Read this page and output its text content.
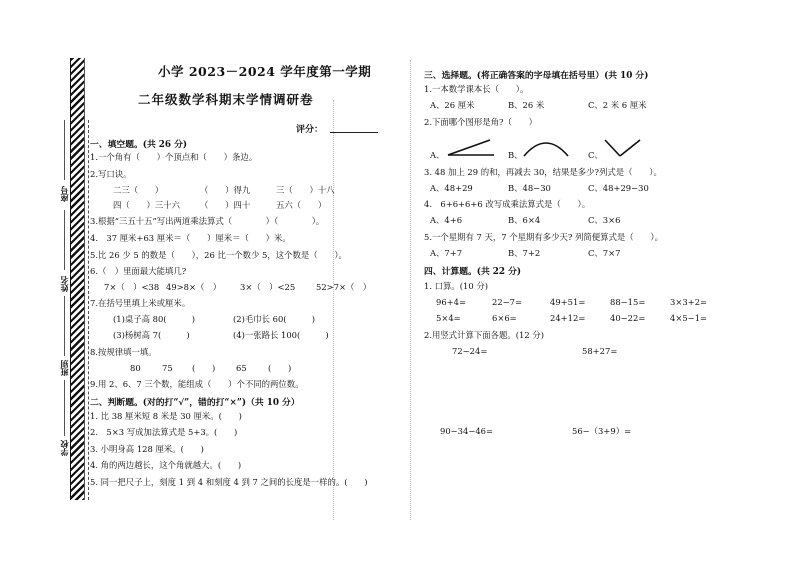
座号
姓名
班别
学校
小学 2023－2024 学年度第一学期
二年级数学科期末学情调研卷
评分：
一、填空题。(共 26 分)
1.一个角有（　　）个顶点和（　　）条边。
2.写口诀。
二三（　　）	（　　）得九	三（　　）十八
四（　　）三十六 （　　）四十	五六（　　）
3.根据“三五十五”写出两道乘法算式（　　　　）（　　　　）。
4.　37 厘米+63 厘米＝（　　）厘米＝（　　）米。
5.比 26 少 5 的数是（　　），26 比一个数少 5，这个数是（　　）。
6.（　）里面最大能填几?
7×（　）<38 49>8×（　） 3×（　）<25 52>7×（　）
7.在括号里填上米或厘米。
(1)桌子高 80(　　　)	(2)毛巾长 60(　　　)
(3)杨树高 7(　　　)	(4)一张路长 100(　　　)
8.按规律填一填。
80	75 (　　) 65	(　　)
9.用 2、6、7 三个数，能组成（　　）个不同的两位数。
二、判断题。(对的打“√”，错的打“×”)（共 10 分）
1. 比 38 厘米短 8 米是 30 厘米。(　　)
2.　5×3 写成加法算式是 5+3。(　　)
3. 小明身高 128 厘米。(　　)
4. 角的两边越长，这个角就越大。(　　)
5. 同一把尺子上，刻度 1 到 4 和刻度 4 到 7 之间的长度是一样的。(　　)
三、选择题。(将正确答案的字母填在括号里）(共 10 分)
1.一本数学课本长（　　）。
A、26 厘米	B、26 米	C、2 米 6 厘米
2.下面哪个图形是角?（　　）
A、	B、	C、
3. 48 加上 29 的和，再减去 30，结果是多少?列式是（　　）。
A、48+29	B、48−30	C、48+29−30
4.　6+6+6+6 改写成乘法算式是（　　）。
A、4+6	B、6×4	C、3×6
5.一个星期有 7 天，7 个星期有多少天? 列简便算式是（　　）。
A、7+7	B、7+2	C、7×7
四、计算题。(共 22 分)
1. 口算。(10 分)
96+4=	22−7=	49+51=	88−15=	3×3+2=
5×4=	6×6=	24+12=	40−22=	4×5−1=
2.用竖式计算下面各题。(12 分)
72−24=	58+27=
90−34−46=	56−（3+9）=
